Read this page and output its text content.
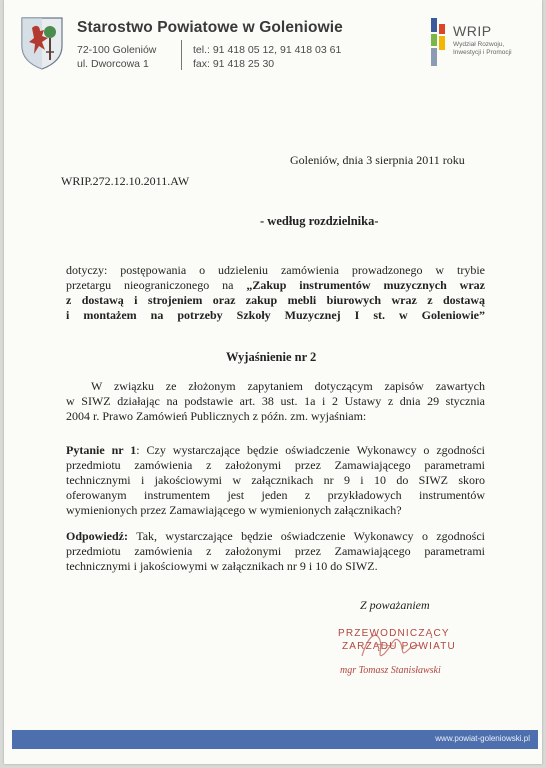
Starostwo Powiatowe w Goleniowie
72-100 Goleniów
ul. Dworcowa 1
tel.: 91 418 05 12, 91 418 03 61
fax: 91 418 25 30
WRIP
Wydział Rozwoju,
Inwestycji i Promocji
Goleniów, dnia 3 sierpnia 2011 roku
WRIP.272.12.10.2011.AW
- według rozdzielnika-
dotyczy: postępowania o udzieleniu zamówienia prowadzonego w trybie
przetargu nieograniczonego na „Zakup instrumentów muzycznych wraz
z dostawą i strojeniem oraz zakup mebli biurowych wraz z dostawą
i montażem na potrzeby Szkoły Muzycznej I st. w Goleniowie”
Wyjaśnienie nr 2
W związku ze złożonym zapytaniem dotyczącym zapisów zawartych
w SIWZ działając na podstawie art. 38 ust. 1a i 2 Ustawy z dnia 29 stycznia
2004 r. Prawo Zamówień Publicznych z późn. zm. wyjaśniam:
Pytanie nr 1: Czy wystarczające będzie oświadczenie Wykonawcy o zgodności
przedmiotu zamówienia z założonymi przez Zamawiającego parametrami
technicznymi i jakościowymi w załącznikach nr 9 i 10 do SIWZ skoro
oferowanym instrumentem jest jeden z przykładowych instrumentów
wymienionych przez Zamawiającego w wymienionych załącznikach?
Odpowiedź: Tak, wystarczające będzie oświadczenie Wykonawcy o zgodności
przedmiotu zamówienia z założonymi przez Zamawiającego parametrami
technicznymi i jakościowymi w załącznikach nr 9 i 10 do SIWZ.
Z poważaniem
PRZEWODNICZĄCY
ZARZĄDU POWIATU
mgr Tomasz Stanisławski
www.powiat-goleniowski.pl
